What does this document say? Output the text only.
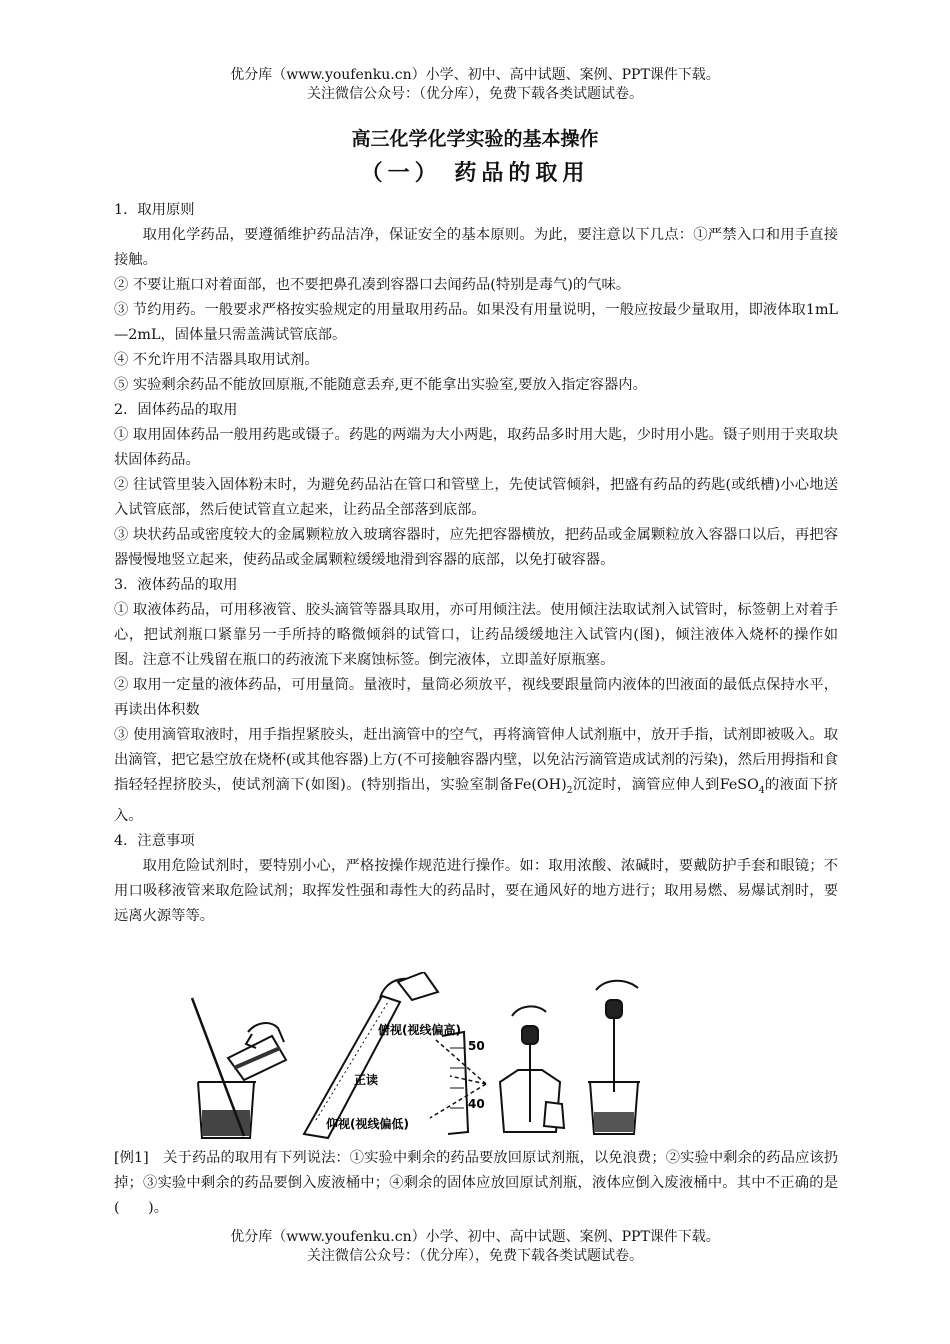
优分库（www.youfenku.cn）小学、初中、高中试题、案例、PPT课件下载。
关注微信公众号：（优分库），免费下载各类试题试卷。
高三化学化学实验的基本操作
（一） 药品的取用

1．取用原则

取用化学药品，要遵循维护药品洁净，保证安全的基本原则。为此，要注意以下几点：①严禁入口和用手直接接触。

② 不要让瓶口对着面部，也不要把鼻孔凑到容器口去闻药品(特别是毒气)的气味。

③ 节约用药。一般要求严格按实验规定的用量取用药品。如果没有用量说明，一般应按最少量取用，即液体取1mL—2mL，固体量只需盖满试管底部。

④ 不允许用不洁器具取用试剂。

⑤ 实验剩余药品不能放回原瓶,不能随意丢弃,更不能拿出实验室,要放入指定容器内。

2．固体药品的取用

① 取用固体药品一般用药匙或镊子。药匙的两端为大小两匙，取药品多时用大匙，少时用小匙。镊子则用于夹取块状固体药品。

② 往试管里装入固体粉末时，为避免药品沾在管口和管壁上，先使试管倾斜，把盛有药品的药匙(或纸槽)小心地送入试管底部，然后使试管直立起来，让药品全部落到底部。

③ 块状药品或密度较大的金属颗粒放入玻璃容器时，应先把容器横放，把药品或金属颗粒放入容器口以后，再把容器慢慢地竖立起来，使药品或金属颗粒缓缓地滑到容器的底部，以免打破容器。

3．液体药品的取用

① 取液体药品，可用移液管、胶头滴管等器具取用，亦可用倾注法。使用倾注法取试剂入试管时，标签朝上对着手心，把试剂瓶口紧靠另一手所持的略微倾斜的试管口，让药品缓缓地注入试管内(图)，倾注液体入烧杯的操作如图。注意不让残留在瓶口的药液流下来腐蚀标签。倒完液体，立即盖好原瓶塞。

② 取用一定量的液体药品，可用量筒。量液时，量筒必须放平，视线要跟量筒内液体的凹液面的最低点保持水平，再读出体积数

③ 使用滴管取液时，用手指捏紧胶头，赶出滴管中的空气，再将滴管伸人试剂瓶中，放开手指，试剂即被吸入。取出滴管，把它悬空放在烧杯(或其他容器)上方(不可接触容器内壁，以免沾污滴管造成试剂的污染)，然后用拇指和食指轻轻捏挤胶头，使试剂滴下(如图)。(特别指出，实验室制备$Fe(OH)_2$沉淀时，滴管应伸人到FeSO$_4$的液面下挤入。

4．注意事项

取用危险试剂时，要特别小心，严格按操作规范进行操作。如：取用浓酸、浓碱时，要戴防护手套和眼镜；不用口吸移液管来取危险试剂；取挥发性强和毒性大的药品时，要在通风好的地方进行；取用易燃、易爆试剂时，要远离火源等等。

俯视(视线偏高)
正读
仰视(视线偏低)
50
40
[例1]　关于药品的取用有下列说法：①实验中剩余的药品要放回原试剂瓶，以免浪费；②实验中剩余的药品应该扔掉；③实验中剩余的药品要倒入废液桶中；④剩余的固体应放回原试剂瓶，液体应倒入废液桶中。其中不正确的是(　　)。
优分库（www.youfenku.cn）小学、初中、高中试题、案例、PPT课件下载。
关注微信公众号：（优分库），免费下载各类试题试卷。
